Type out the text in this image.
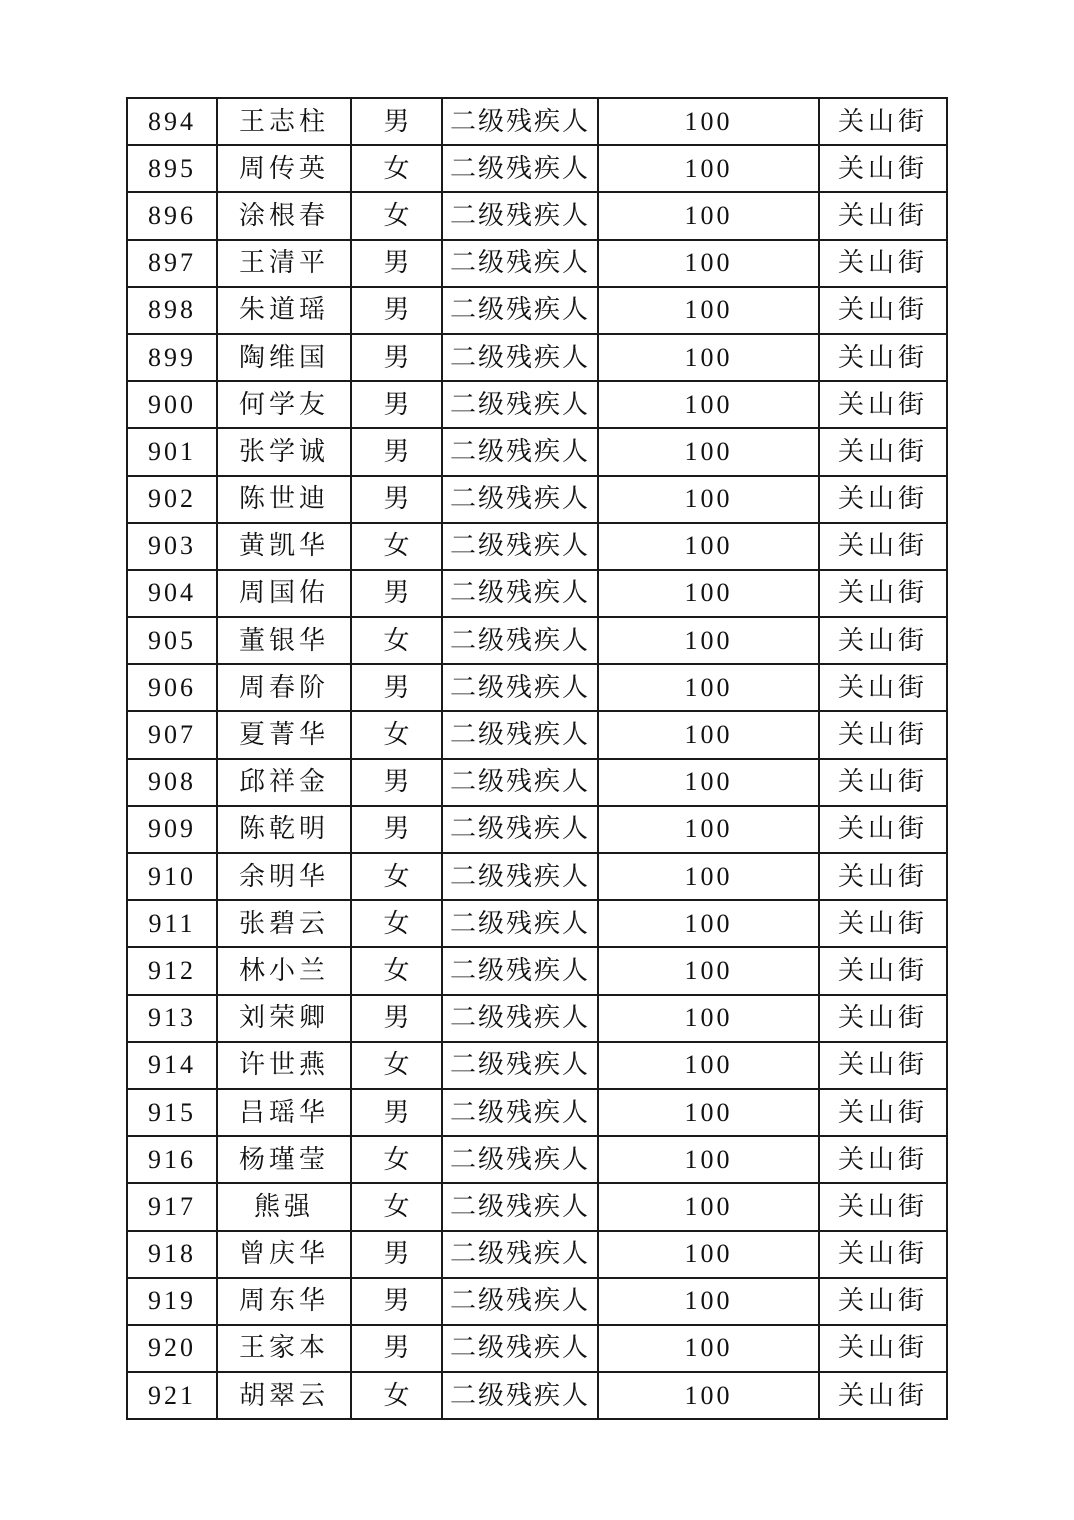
894	王志柱	男	二级残疾人	100	关山街
895	周传英	女	二级残疾人	100	关山街
896	涂根春	女	二级残疾人	100	关山街
897	王清平	男	二级残疾人	100	关山街
898	朱道瑶	男	二级残疾人	100	关山街
899	陶维国	男	二级残疾人	100	关山街
900	何学友	男	二级残疾人	100	关山街
901	张学诚	男	二级残疾人	100	关山街
902	陈世迪	男	二级残疾人	100	关山街
903	黄凯华	女	二级残疾人	100	关山街
904	周国佑	男	二级残疾人	100	关山街
905	董银华	女	二级残疾人	100	关山街
906	周春阶	男	二级残疾人	100	关山街
907	夏菁华	女	二级残疾人	100	关山街
908	邱祥金	男	二级残疾人	100	关山街
909	陈乾明	男	二级残疾人	100	关山街
910	余明华	女	二级残疾人	100	关山街
911	张碧云	女	二级残疾人	100	关山街
912	林小兰	女	二级残疾人	100	关山街
913	刘荣卿	男	二级残疾人	100	关山街
914	许世燕	女	二级残疾人	100	关山街
915	吕瑶华	男	二级残疾人	100	关山街
916	杨瑾莹	女	二级残疾人	100	关山街
917	熊强	女	二级残疾人	100	关山街
918	曾庆华	男	二级残疾人	100	关山街
919	周东华	男	二级残疾人	100	关山街
920	王家本	男	二级残疾人	100	关山街
921	胡翠云	女	二级残疾人	100	关山街
